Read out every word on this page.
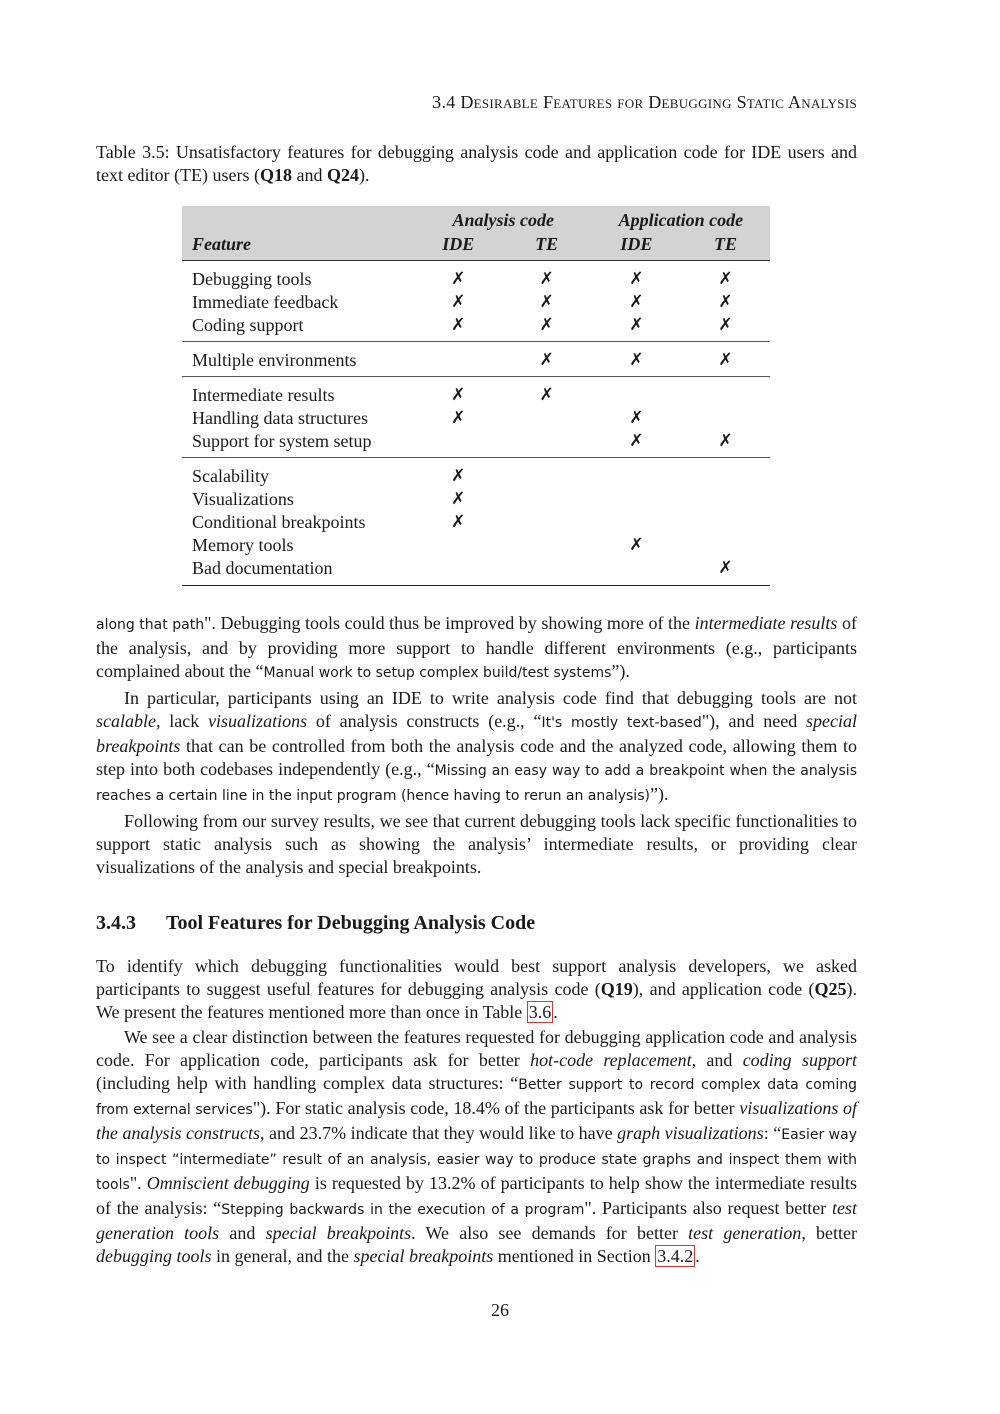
3.4 Desirable Features for Debugging Static Analysis
Table 3.5: Unsatisfactory features for debugging analysis code and application code for IDE users and text editor (TE) users (Q18 and Q24).
	Analysis code		Application code	
Feature	IDE	TE	IDE	TE
Debugging tools	✗	✗	✗	✗
Immediate feedback	✗	✗	✗	✗
Coding support	✗	✗	✗	✗
Multiple environments		✗	✗	✗
Intermediate results	✗	✗		
Handling data structures	✗		✗	
Support for system setup			✗	✗
Scalability	✗			
Visualizations	✗			
Conditional breakpoints	✗			
Memory tools			✗	
Bad documentation				✗

along that path". Debugging tools could thus be improved by showing more of the intermediate results of the analysis, and by providing more support to handle different environments (e.g., participants complained about the “Manual work to setup complex build/test systems”).

In particular, participants using an IDE to write analysis code find that debugging tools are not scalable, lack visualizations of analysis constructs (e.g., “It's mostly text-based"), and need special breakpoints that can be controlled from both the analysis code and the analyzed code, allowing them to step into both codebases independently (e.g., “Missing an easy way to add a breakpoint when the analysis reaches a certain line in the input program (hence having to rerun an analysis)”).

Following from our survey results, we see that current debugging tools lack specific functionalities to support static analysis such as showing the analysis’ intermediate results, or providing clear visualizations of the analysis and special breakpoints.

3.4.3 Tool Features for Debugging Analysis Code

To identify which debugging functionalities would best support analysis developers, we asked participants to suggest useful features for debugging analysis code (Q19), and application code (Q25). We present the features mentioned more than once in Table 3.6 .

We see a clear distinction between the features requested for debugging application code and analysis code. For application code, participants ask for better hot-code replacement, and coding support (including help with handling complex data structures: “Better support to record complex data coming from external services"). For static analysis code, 18.4% of the participants ask for better visualizations of the analysis constructs, and 23.7% indicate that they would like to have graph visualizations: “Easier way to inspect “intermediate” result of an analysis, easier way to produce state graphs and inspect them with tools". Omniscient debugging is requested by 13.2% of participants to help show the intermediate results of the analysis: “Stepping backwards in the execution of a program". Participants also request better test generation tools and special breakpoints. We also see demands for better test generation, better debugging tools in general, and the special breakpoints mentioned in Section 3.4.2 .

26
